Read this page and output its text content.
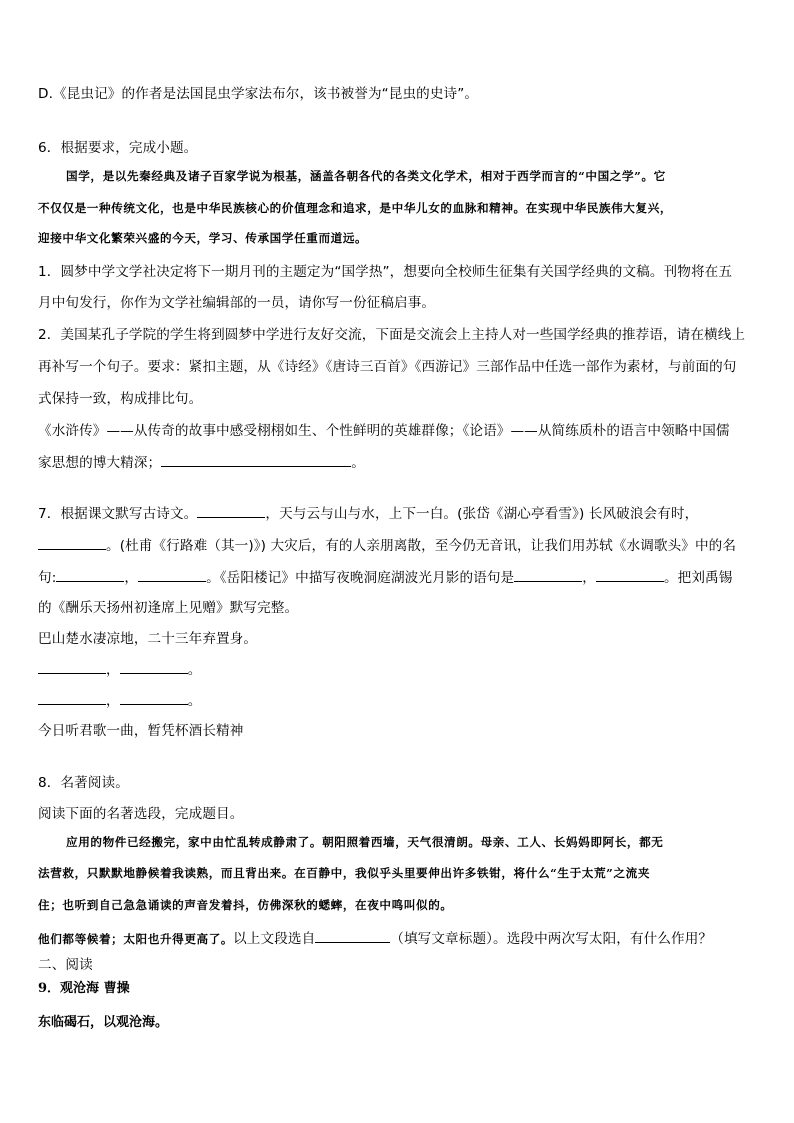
D.《昆虫记》的作者是法国昆虫学家法布尔，该书被誉为“昆虫的史诗”。
6．根据要求，完成小题。
国学，是以先秦经典及诸子百家学说为根基，涵盖各朝各代的各类文化学术，相对于西学而言的“中国之学”。它
不仅仅是一种传统文化，也是中华民族核心的价值理念和追求，是中华儿女的血脉和精神。在实现中华民族伟大复兴，
迎接中华文化繁荣兴盛的今天，学习、传承国学任重而道远。
1．圆梦中学文学社决定将下一期月刊的主题定为“国学热”，想要向全校师生征集有关国学经典的文稿。刊物将在五
月中旬发行，你作为文学社编辑部的一员，请你写一份征稿启事。
2．美国某孔子学院的学生将到圆梦中学进行友好交流，下面是交流会上主持人对一些国学经典的推荐语，请在横线上
再补写一个句子。要求：紧扣主题，从《诗经》《唐诗三百首》《西游记》三部作品中任选一部作为素材，与前面的句
式保持一致，构成排比句。
《水浒传》——从传奇的故事中感受栩栩如生、个性鲜明的英雄群像；《论语》——从简练质朴的语言中领略中国儒
家思想的博大精深；	。
7．根据课文默写古诗文。	，天与云与山与水，上下一白。(张岱《湖心亭看雪》) 长风破浪会有时，
。(杜甫《行路难（其一)》) 大灾后，有的人亲朋离散，至今仍无音讯，让我们用苏轼《水调歌头》中的名
句:	，	。《岳阳楼记》中描写夜晚洞庭湖波光月影的语句是	，	。把刘禹锡
的《酬乐天扬州初逢席上见赠》默写完整。
巴山楚水凄凉地，二十三年弃置身。
，	。
，	。
今日听君歌一曲，暂凭杯酒长精神
8．名著阅读。
阅读下面的名著选段，完成题目。
应用的物件已经搬完，家中由忙乱转成静肃了。朝阳照着西墙，天气很清朗。母亲、工人、长妈妈即阿长，都无
法营救，只默默地静候着我读熟，而且背出来。在百静中，我似乎头里要伸出许多铁钳，将什么“生于太荒”之流夹
住；也听到自己急急诵读的声音发着抖，仿佛深秋的蟋蟀，在夜中鸣叫似的。
他们都等候着；太阳也升得更高了。以上文段选自	（填写文章标题）。选段中两次写太阳，有什么作用？
二、阅读
9．观沧海 曹操
东临碣石，以观沧海。
